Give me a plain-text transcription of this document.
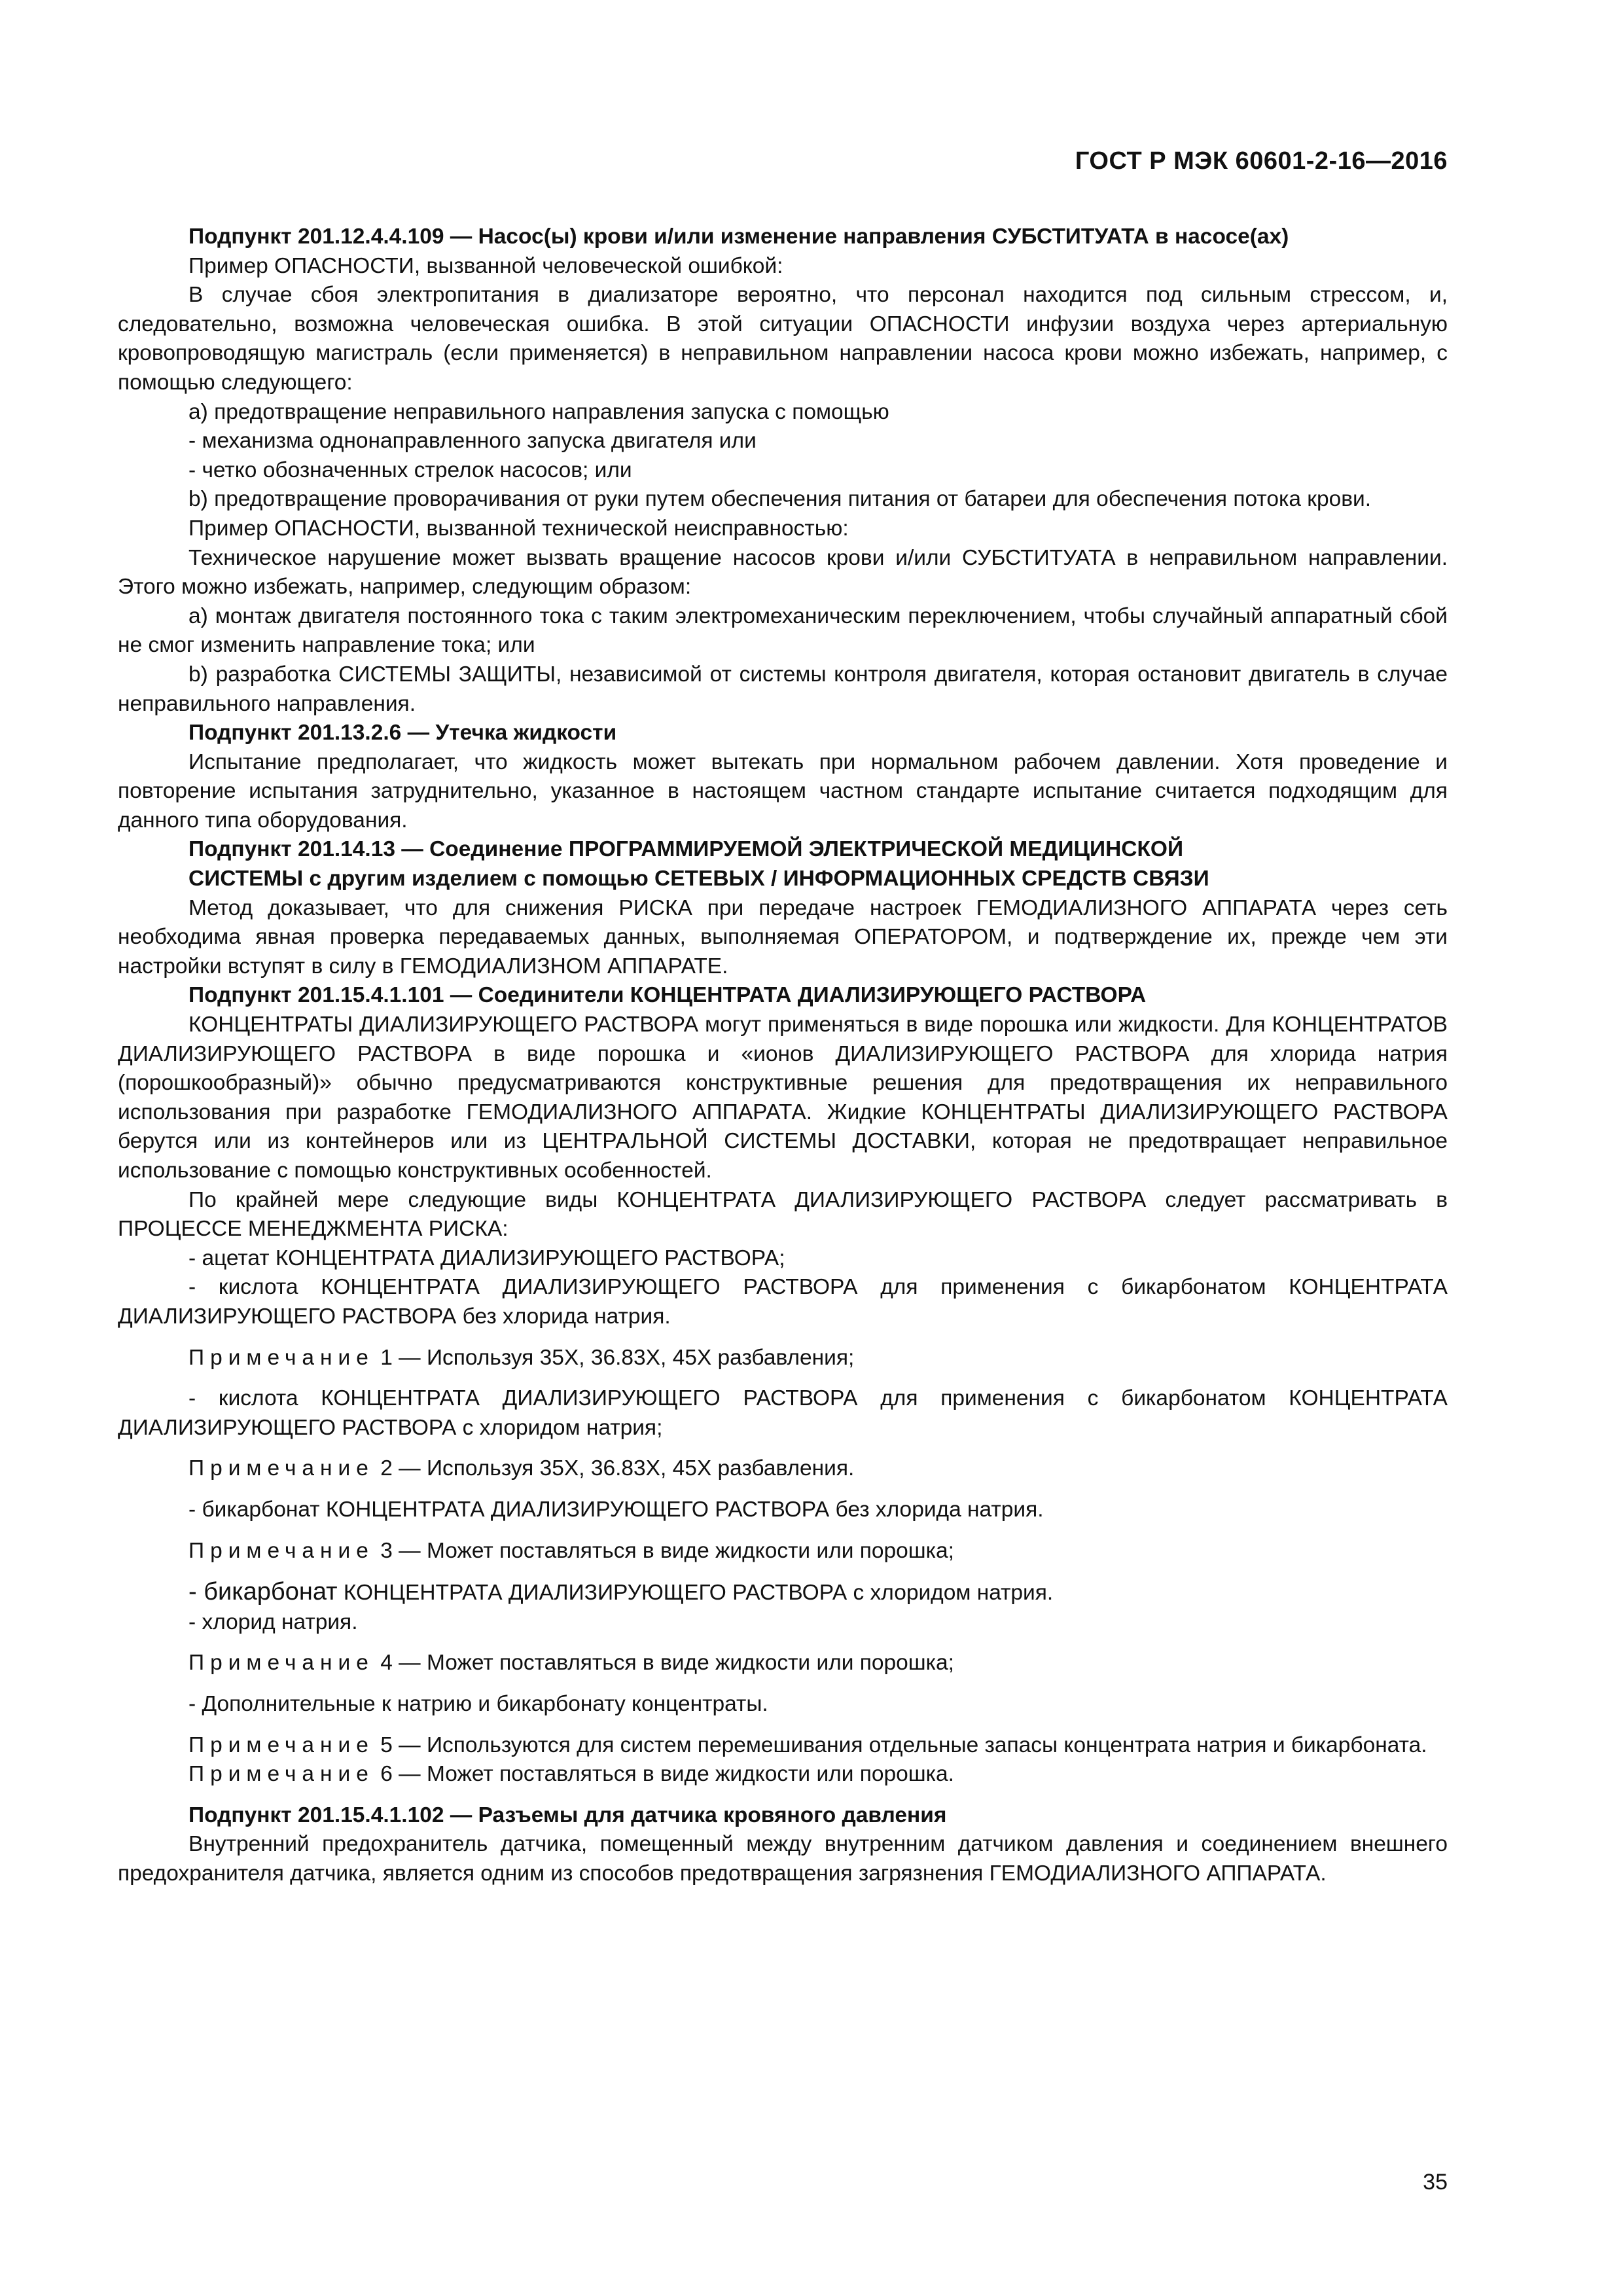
ГОСТ Р МЭК 60601-2-16—2016

Подпункт 201.12.4.4.109 — Насос(ы) крови и/или изменение направления СУБСТИТУАТА в насосе(ах)

Пример ОПАСНОСТИ, вызванной человеческой ошибкой:

В случае сбоя электропитания в диализаторе вероятно, что персонал находится под сильным стрессом, и, следовательно, возможна человеческая ошибка. В этой ситуации ОПАСНОСТИ инфузии воздуха через артериальную кровопроводящую магистраль (если применяется) в неправильном направлении насоса крови можно избежать, например, с помощью следующего:

a) предотвращение неправильного направления запуска с помощью

- механизма однонаправленного запуска двигателя или

- четко обозначенных стрелок насосов; или

b) предотвращение проворачивания от руки путем обеспечения питания от батареи для обеспечения потока крови.

Пример ОПАСНОСТИ, вызванной технической неисправностью:

Техническое нарушение может вызвать вращение насосов крови и/или СУБСТИТУАТА в неправильном направлении. Этого можно избежать, например, следующим образом:

a) монтаж двигателя постоянного тока с таким электромеханическим переключением, чтобы случайный аппаратный сбой не смог изменить направление тока; или

b) разработка СИСТЕМЫ ЗАЩИТЫ, независимой от системы контроля двигателя, которая остановит двигатель в случае неправильного направления.

Подпункт 201.13.2.6 — Утечка жидкости

Испытание предполагает, что жидкость может вытекать при нормальном рабочем давлении. Хотя проведение и повторение испытания затруднительно, указанное в настоящем частном стандарте испытание считается подходящим для данного типа оборудования.

Подпункт 201.14.13 — Соединение ПРОГРАММИРУЕМОЙ ЭЛЕКТРИЧЕСКОЙ МЕДИЦИНСКОЙ
СИСТЕМЫ с другим изделием с помощью СЕТЕВЫХ / ИНФОРМАЦИОННЫХ СРЕДСТВ СВЯЗИ

Метод доказывает, что для снижения РИСКА при передаче настроек ГЕМОДИАЛИЗНОГО АППАРАТА через сеть необходима явная проверка передаваемых данных, выполняемая ОПЕРАТОРОМ, и подтверждение их, прежде чем эти настройки вступят в силу в ГЕМОДИАЛИЗНОМ АППАРАТЕ.

Подпункт 201.15.4.1.101 — Соединители КОНЦЕНТРАТА ДИАЛИЗИРУЮЩЕГО РАСТВОРА

КОНЦЕНТРАТЫ ДИАЛИЗИРУЮЩЕГО РАСТВОРА могут применяться в виде порошка или жидкости. Для КОНЦЕНТРАТОВ ДИАЛИЗИРУЮЩЕГО РАСТВОРА в виде порошка и «ионов ДИАЛИЗИРУЮЩЕГО РАСТВОРА для хлорида натрия (порошкообразный)» обычно предусматриваются конструктивные решения для предотвращения их неправильного использования при разработке ГЕМОДИАЛИЗНОГО АППАРАТА. Жидкие КОНЦЕНТРАТЫ ДИАЛИЗИРУЮЩЕГО РАСТВОРА берутся или из контейнеров или из ЦЕНТРАЛЬНОЙ СИСТЕМЫ ДОСТАВКИ, которая не предотвращает неправильное использование с помощью конструктивных особенностей.

По крайней мере следующие виды КОНЦЕНТРАТА ДИАЛИЗИРУЮЩЕГО РАСТВОРА следует рассматривать в ПРОЦЕССЕ МЕНЕДЖМЕНТА РИСКА:

- ацетат КОНЦЕНТРАТА ДИАЛИЗИРУЮЩЕГО РАСТВОРА;

- кислота КОНЦЕНТРАТА ДИАЛИЗИРУЮЩЕГО РАСТВОРА для применения с бикарбонатом КОНЦЕНТРАТА ДИАЛИЗИРУЮЩЕГО РАСТВОРА без хлорида натрия.

Примечание 1 — Используя 35X, 36.83X, 45X разбавления;

- кислота КОНЦЕНТРАТА ДИАЛИЗИРУЮЩЕГО РАСТВОРА для применения с бикарбонатом КОНЦЕНТРАТА ДИАЛИЗИРУЮЩЕГО РАСТВОРА с хлоридом натрия;

Примечание 2 — Используя 35X, 36.83X, 45X разбавления.

- бикарбонат КОНЦЕНТРАТА ДИАЛИЗИРУЮЩЕГО РАСТВОРА без хлорида натрия.

Примечание 3 — Может поставляться в виде жидкости или порошка;

- бикарбонат КОНЦЕНТРАТА ДИАЛИЗИРУЮЩЕГО РАСТВОРА с хлоридом натрия.

- хлорид натрия.

Примечание 4 — Может поставляться в виде жидкости или порошка;

- Дополнительные к натрию и бикарбонату концентраты.

Примечание 5 — Используются для систем перемешивания отдельные запасы концентрата натрия и бикарбоната.

Примечание 6 — Может поставляться в виде жидкости или порошка.

Подпункт 201.15.4.1.102 — Разъемы для датчика кровяного давления

Внутренний предохранитель датчика, помещенный между внутренним датчиком давления и соединением внешнего предохранителя датчика, является одним из способов предотвращения загрязнения ГЕМОДИАЛИЗНОГО АППАРАТА.

35
